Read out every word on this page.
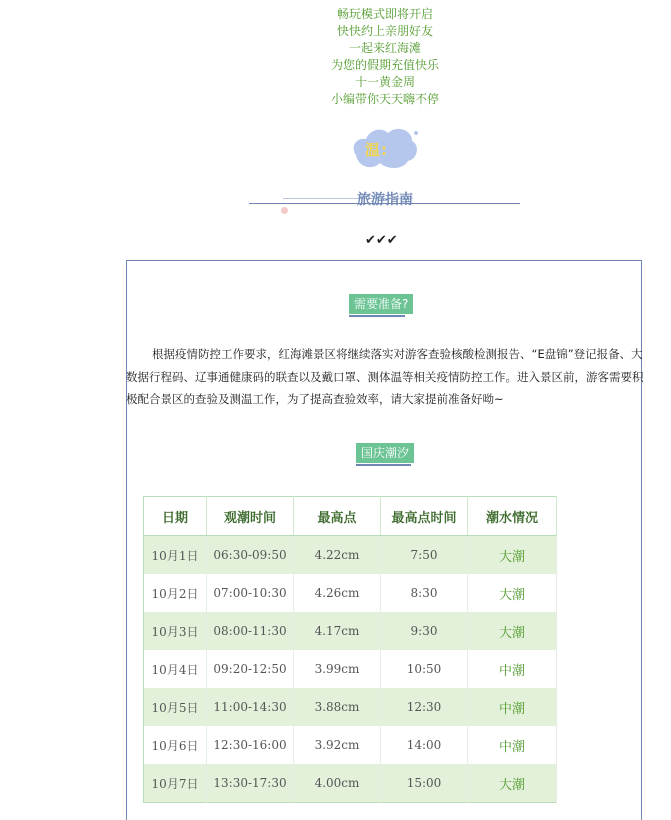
畅玩模式即将开启

快快约上亲朋好友

一起来红海滩

为您的假期充值快乐

十一黄金周

小编带你天天嗨不停

温:
旅游指南
✔✔✔
需要准备?

根据疫情防控工作要求，红海滩景区将继续落实对游客查验核酸检测报告、“E盘锦”登记报备、大数据行程码、辽事通健康码的联查以及戴口罩、测体温等相关疫情防控工作。进入景区前，游客需要积极配合景区的查验及测温工作，为了提高查验效率，请大家提前准备好呦~

国庆潮汐
日期	观潮时间	最高点	最高点时间	潮水情况
10月1日	06:30-09:50	4.22cm	7:50	大潮
10月2日	07:00-10:30	4.26cm	8:30	大潮
10月3日	08:00-11:30	4.17cm	9:30	大潮
10月4日	09:20-12:50	3.99cm	10:50	中潮
10月5日	11:00-14:30	3.88cm	12:30	中潮
10月6日	12:30-16:00	3.92cm	14:00	中潮
10月7日	13:30-17:30	4.00cm	15:00	大潮
